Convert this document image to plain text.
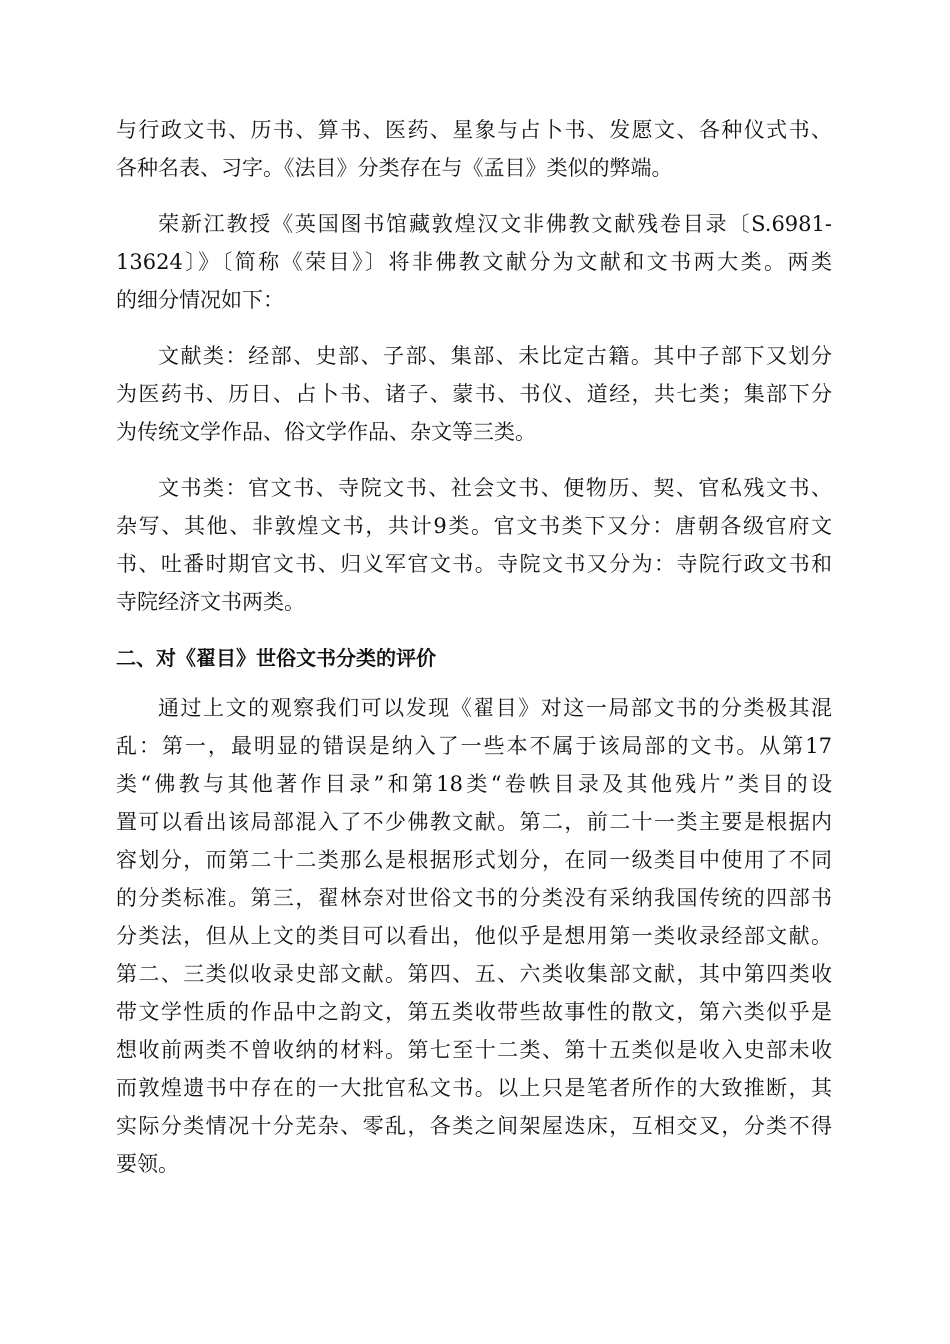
与行政文书、历书、算书、医药、星象与占卜书、发愿文、各种仪式书、
各种名表、习字。《法目》分类存在与《孟目》类似的弊端。
荣新江教授《英国图书馆藏敦煌汉文非佛教文献残卷目录〔S.6981-
13624〕》〔简称《荣目》〕将非佛教文献分为文献和文书两大类。两类
的细分情况如下：
文献类：经部、史部、子部、集部、未比定古籍。其中子部下又划分
为医药书、历日、占卜书、诸子、蒙书、书仪、道经，共七类；集部下分
为传统文学作品、俗文学作品、杂文等三类。
文书类：官文书、寺院文书、社会文书、便物历、契、官私残文书、
杂写、其他、非敦煌文书，共计9类。官文书类下又分：唐朝各级官府文
书、吐番时期官文书、归义军官文书。寺院文书又分为：寺院行政文书和
寺院经济文书两类。
二、对《翟目》世俗文书分类的评价
通过上文的观察我们可以发现《翟目》对这一局部文书的分类极其混
乱：第一，最明显的错误是纳入了一些本不属于该局部的文书。从第17
类“佛教与其他著作目录”和第18类“卷帙目录及其他残片”类目的设
置可以看出该局部混入了不少佛教文献。第二，前二十一类主要是根据内
容划分，而第二十二类那么是根据形式划分，在同一级类目中使用了不同
的分类标准。第三，翟林奈对世俗文书的分类没有采纳我国传统的四部书
分类法，但从上文的类目可以看出，他似乎是想用第一类收录经部文献。
第二、三类似收录史部文献。第四、五、六类收集部文献，其中第四类收
带文学性质的作品中之韵文，第五类收带些故事性的散文，第六类似乎是
想收前两类不曾收纳的材料。第七至十二类、第十五类似是收入史部未收
而敦煌遗书中存在的一大批官私文书。以上只是笔者所作的大致推断，其
实际分类情况十分芜杂、零乱，各类之间架屋迭床，互相交叉，分类不得
要领。
